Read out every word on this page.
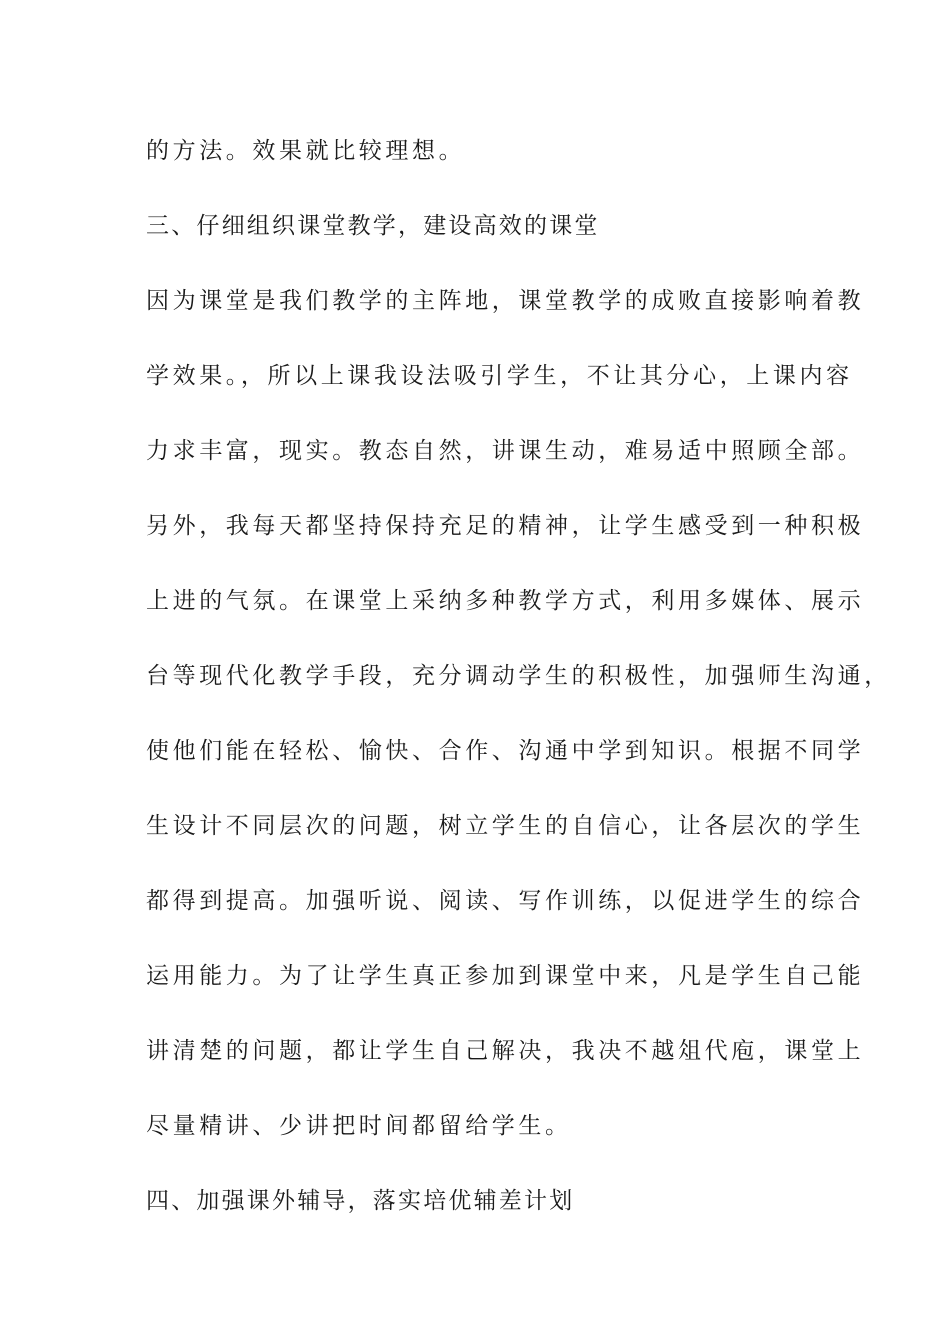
的方法。效果就比较理想。
三、仔细组织课堂教学，建设高效的课堂
因为课堂是我们教学的主阵地，课堂教学的成败直接影响着教
学效果。，所以上课我设法吸引学生，不让其分心，上课内容
力求丰富，现实。教态自然，讲课生动，难易适中照顾全部。
另外，我每天都坚持保持充足的精神，让学生感受到一种积极
上进的气氛。在课堂上采纳多种教学方式，利用多媒体、展示
台等现代化教学手段，充分调动学生的积极性，加强师生沟通，
使他们能在轻松、愉快、合作、沟通中学到知识。根据不同学
生设计不同层次的问题，树立学生的自信心，让各层次的学生
都得到提高。加强听说、阅读、写作训练，以促进学生的综合
运用能力。为了让学生真正参加到课堂中来，凡是学生自己能
讲清楚的问题，都让学生自己解决，我决不越俎代庖，课堂上
尽量精讲、少讲把时间都留给学生。
四、加强课外辅导，落实培优辅差计划
